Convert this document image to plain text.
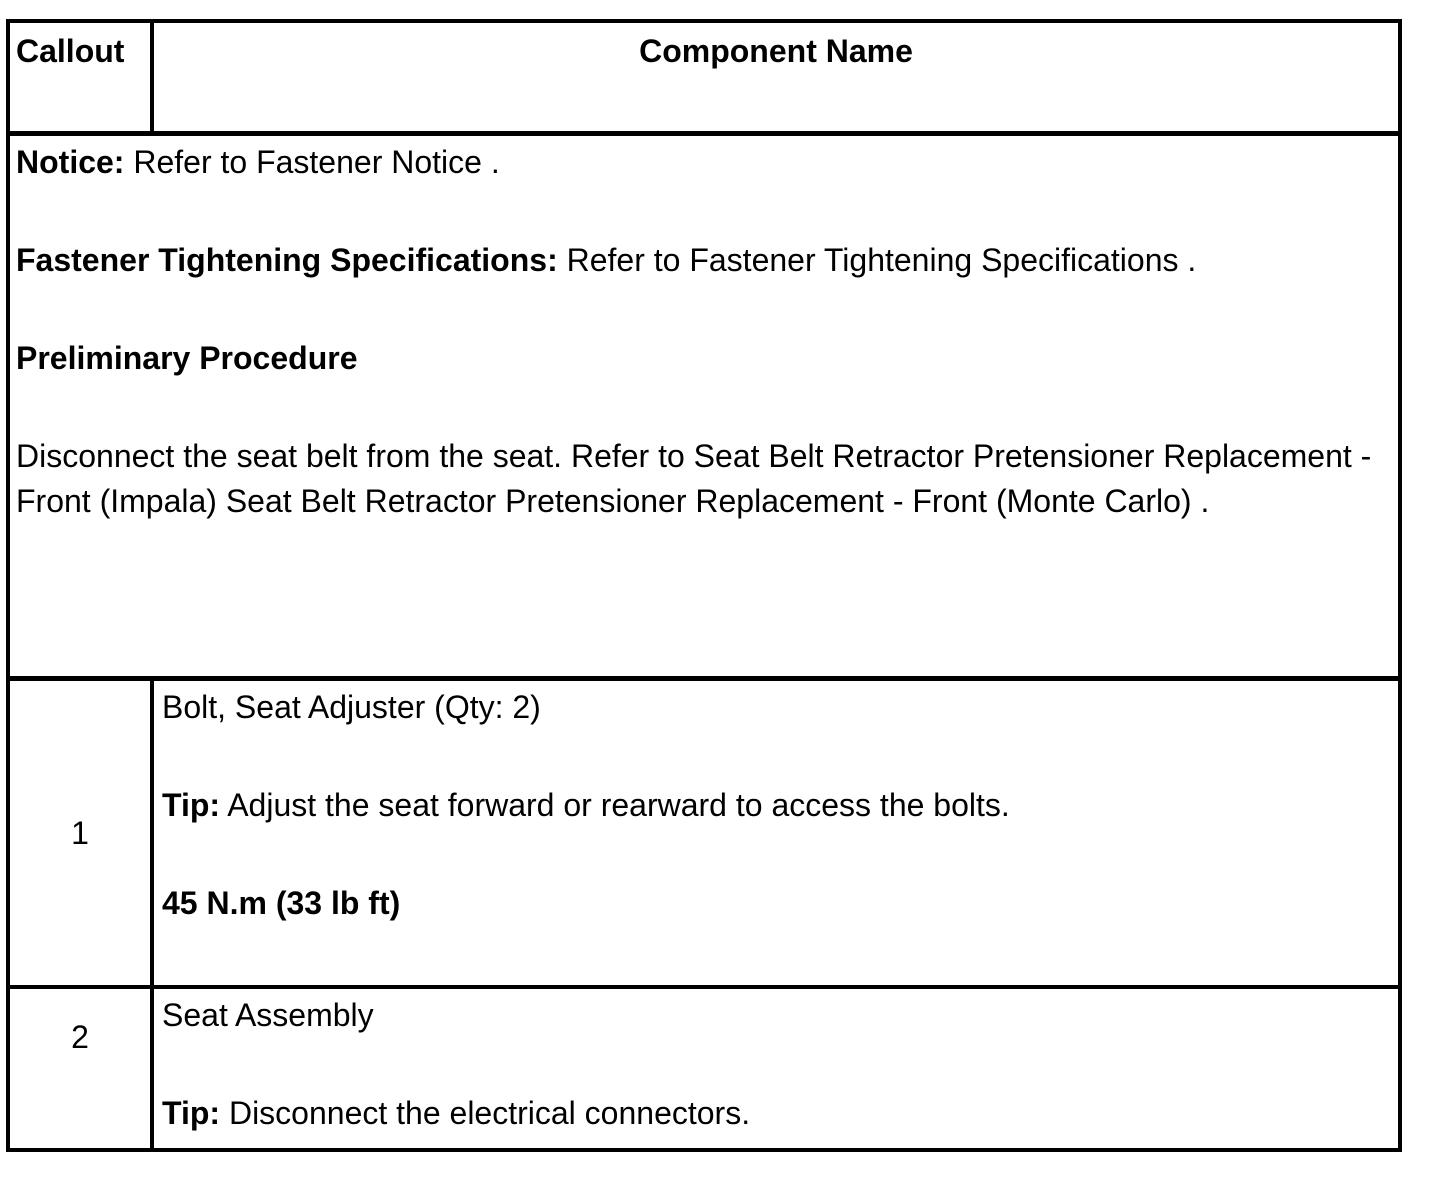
Callout	Component Name

Notice: Refer to Fastener Notice .

Fastener Tightening Specifications: Refer to Fastener Tightening Specifications .

Preliminary Procedure

Disconnect the seat belt from the seat. Refer to Seat Belt Retractor Pretensioner Replacement - Front (Impala) Seat Belt Retractor Pretensioner Replacement - Front (Monte Carlo) .

1

Bolt, Seat Adjuster (Qty: 2)

Tip: Adjust the seat forward or rearward to access the bolts.

45 N.m (33 lb ft)

2

Seat Assembly

Tip: Disconnect the electrical connectors.
